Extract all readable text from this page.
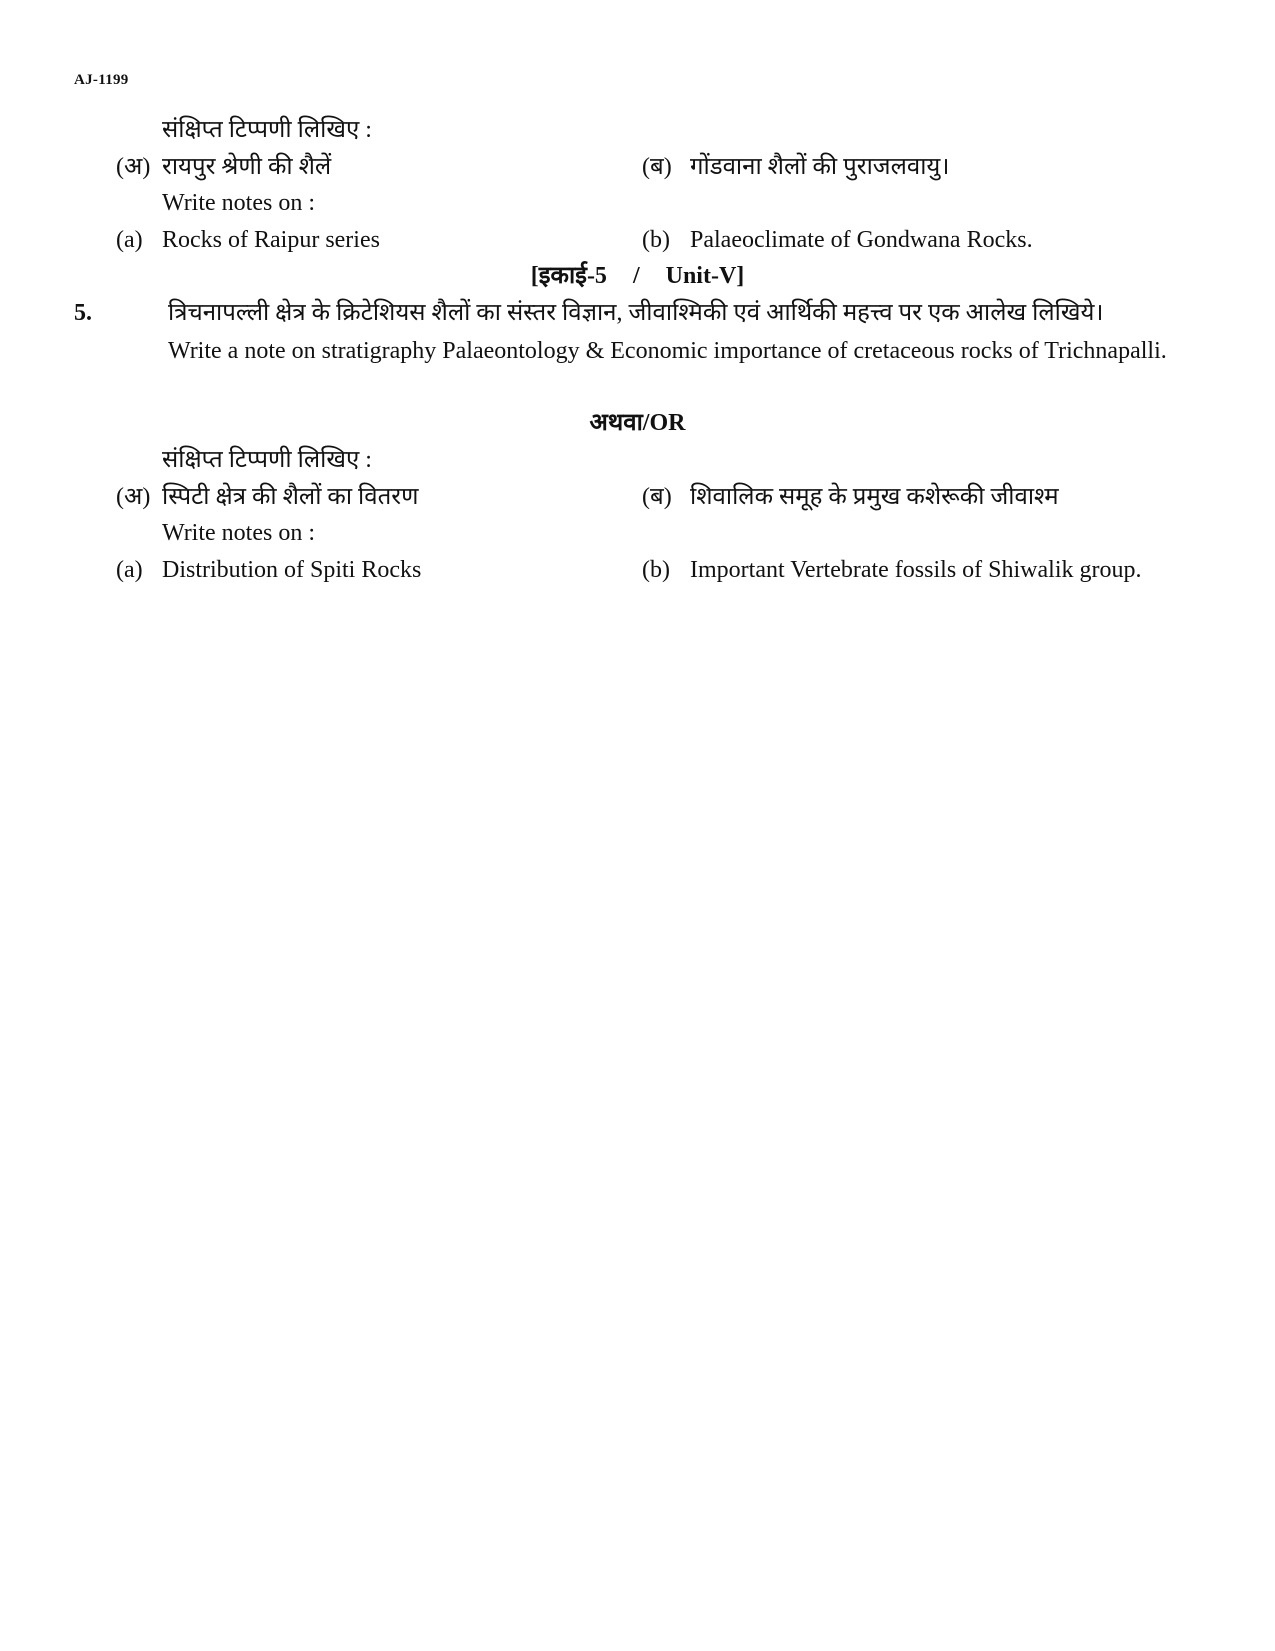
AJ-1199
संक्षिप्त टिप्पणी लिखिए :
(अ) रायपुर श्रेणी की शैलें	(ब) गोंडवाना शैलों की पुराजलवायु।
Write notes on :
(a) Rocks of Raipur series	(b) Palaeoclimate of Gondwana Rocks.
[इकाई-5 / Unit-V]
5.	त्रिचनापल्ली क्षेत्र के क्रिटेशियस शैलों का संस्तर विज्ञान, जीवाश्मिकी एवं आर्थिकी महत्त्व पर एक आलेख लिखिये।

Write a note on stratigraphy Palaeontology & Economic importance of cretaceous rocks of Trichnapalli.

अथवा/OR
संक्षिप्त टिप्पणी लिखिए :
(अ) स्पिटी क्षेत्र की शैलों का वितरण	(ब) शिवालिक समूह के प्रमुख कशेरूकी जीवाश्म
Write notes on :
(a) Distribution of Spiti Rocks	(b) Important Vertebrate fossils of Shiwalik group.
